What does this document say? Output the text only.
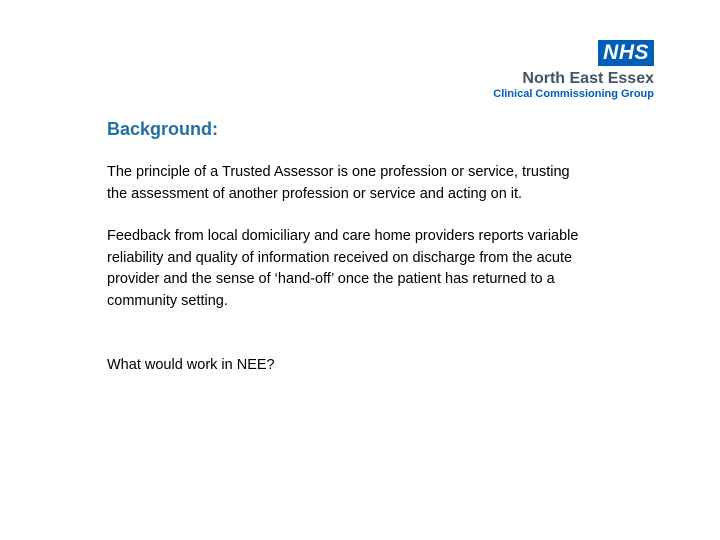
NHS
North East Essex
Clinical Commissioning Group
Background:

The principle of a Trusted Assessor is one profession or service, trusting the assessment of another profession or service and acting on it.

Feedback from local domiciliary and care home providers reports variable reliability and quality of information received on discharge from the acute provider and the sense of ‘hand-off’ once the patient has returned to a community setting.

What would work in NEE?
